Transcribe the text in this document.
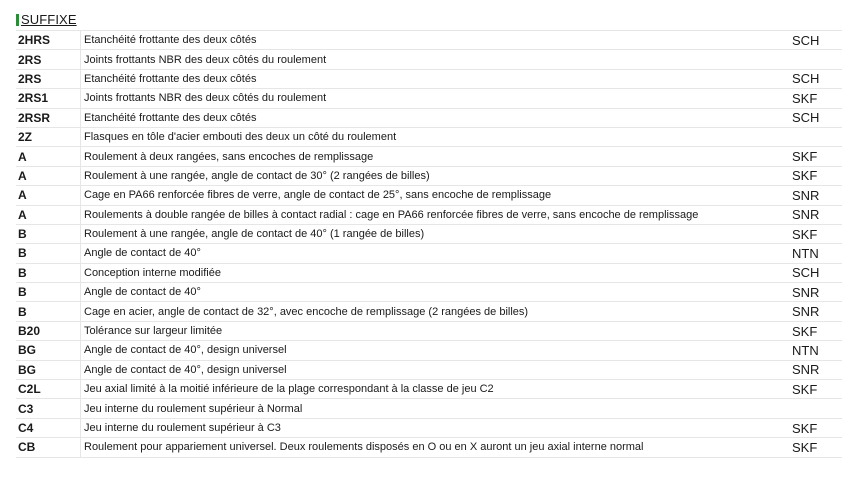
SUFFIXE
2HRS	Etanchéité frottante des deux côtés	SCH
2RS	Joints frottants NBR des deux côtés du roulement	
2RS	Etanchéité frottante des deux côtés	SCH
2RS1	Joints frottants NBR des deux côtés du roulement	SKF
2RSR	Etanchéité frottante des deux côtés	SCH
2Z	Flasques en tôle d'acier embouti des deux un côté du roulement	
A	Roulement à deux rangées, sans encoches de remplissage	SKF
A	Roulement à une rangée, angle de contact de 30° (2 rangées de billes)	SKF
A	Cage en PA66 renforcée fibres de verre, angle de contact de 25°, sans encoche de remplissage	SNR
A	Roulements à double rangée de billes à contact radial : cage en PA66 renforcée fibres de verre, sans encoche de remplissage	SNR
B	Roulement à une rangée, angle de contact de 40° (1 rangée de billes)	SKF
B	Angle de contact de 40°	NTN
B	Conception interne modifiée	SCH
B	Angle de contact de 40°	SNR
B	Cage en acier, angle de contact de 32°, avec encoche de remplissage (2 rangées de billes)	SNR
B20	Tolérance sur largeur limitée	SKF
BG	Angle de contact de 40°, design universel	NTN
BG	Angle de contact de 40°, design universel	SNR
C2L	Jeu axial limité à la moitié inférieure de la plage correspondant à la classe de jeu C2	SKF
C3	Jeu interne du roulement supérieur à Normal	
C4	Jeu interne du roulement supérieur à C3	SKF
CB	Roulement pour appariement universel. Deux roulements disposés en O ou en X auront un jeu axial interne normal	SKF
